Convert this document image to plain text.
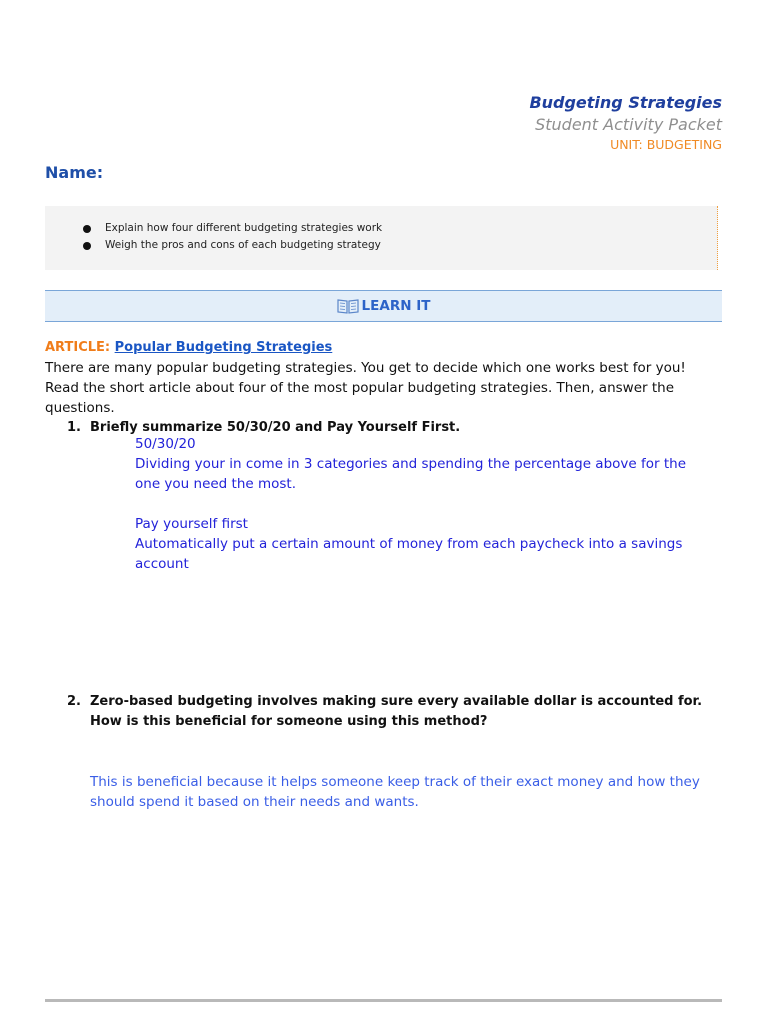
Budgeting Strategies
Student Activity Packet
UNIT: BUDGETING
Name:
Explain how four different budgeting strategies work
Weigh the pros and cons of each budgeting strategy
LEARN IT
ARTICLE: Popular Budgeting Strategies
There are many popular budgeting strategies. You get to decide which one works best for you! Read the short article about four of the most popular budgeting strategies. Then, answer the questions.
1. Briefly summarize 50/30/20 and Pay Yourself First.
50/30/20
Dividing your in come in 3 categories and spending the percentage above for the one you need the most.
Pay yourself first
Automatically put a certain amount of money from each paycheck into a savings account
2. Zero-based budgeting involves making sure every available dollar is accounted for. How is this beneficial for someone using this method?
This is beneficial because it helps someone keep track of their exact money and how they should spend it based on their needs and wants.
